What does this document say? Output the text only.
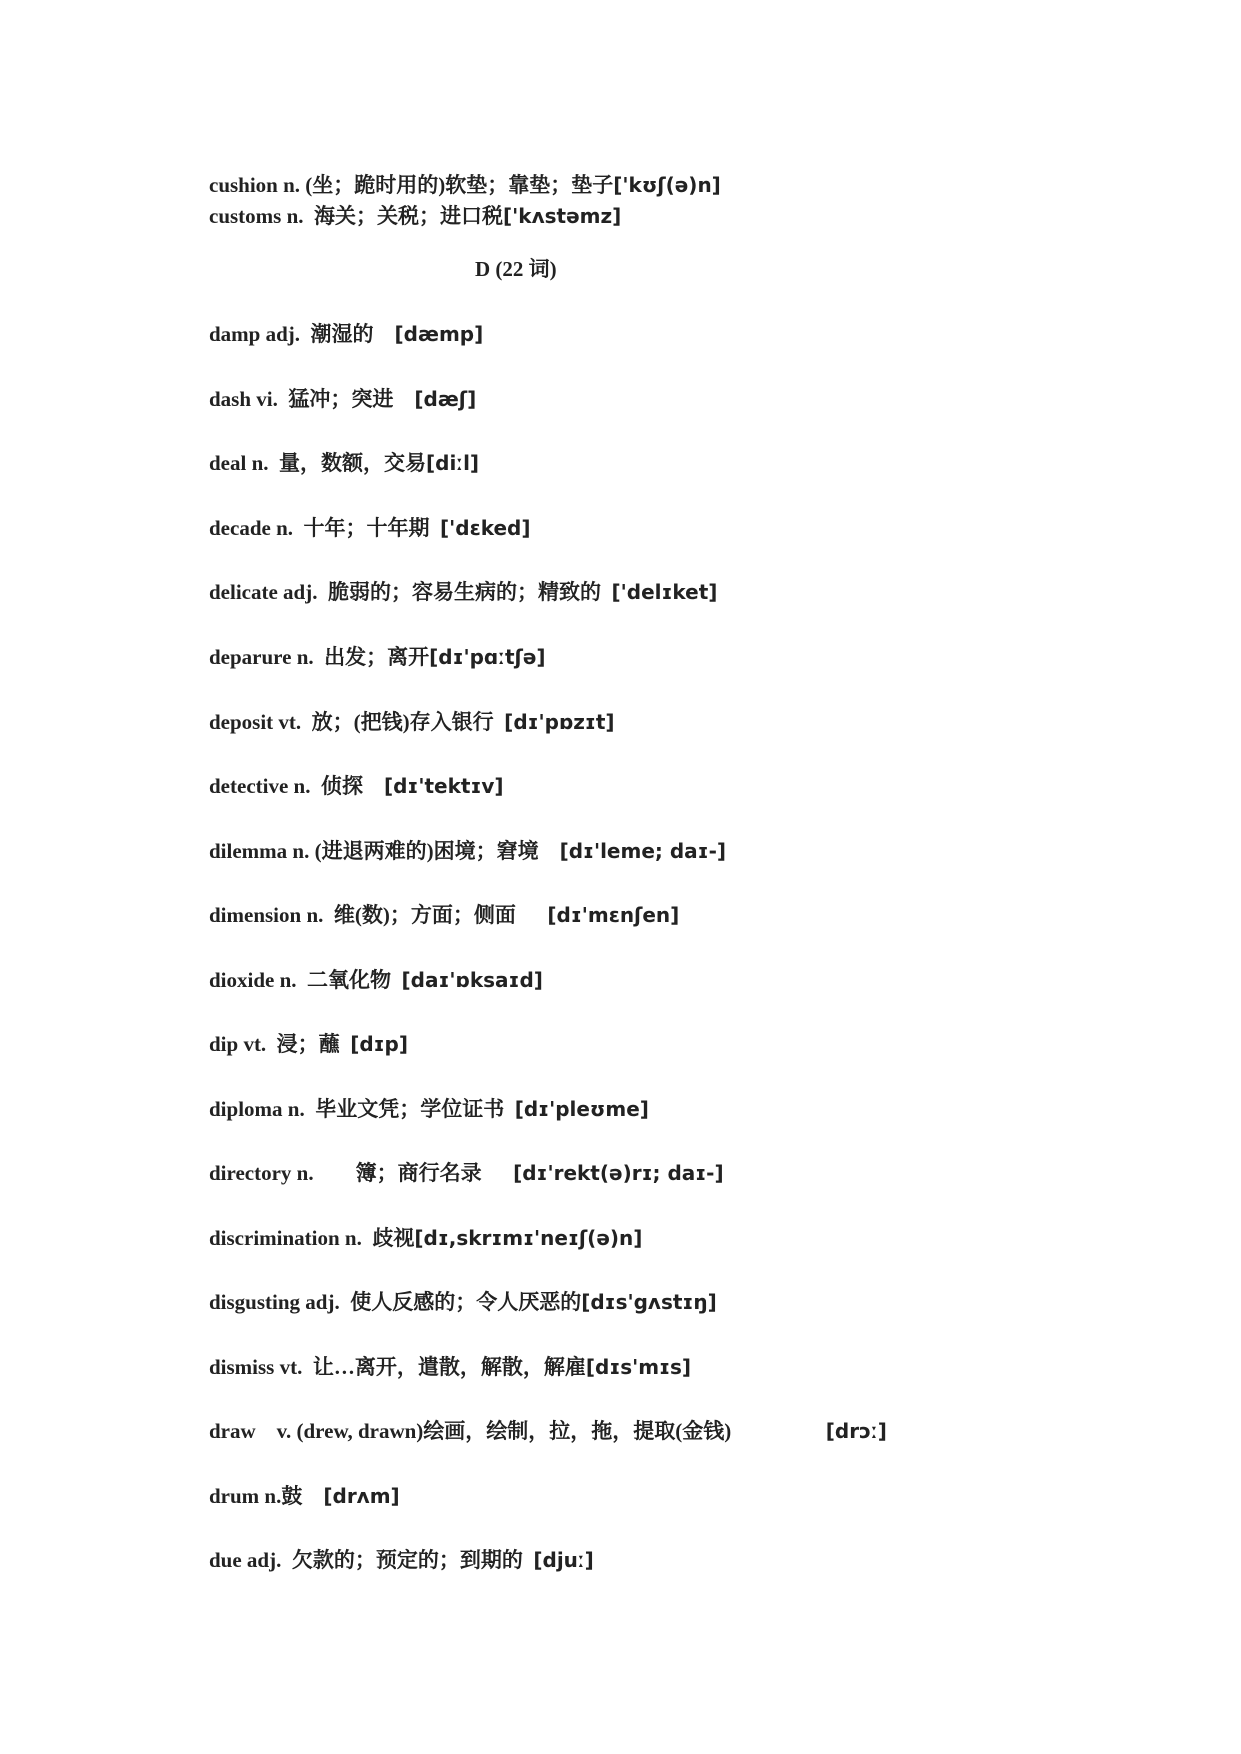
cushion n. (坐；跪时用的)软垫；靠垫；垫子['kʊʃ(ə)n]

customs n.  海关；关税；进口税['kʌstəmz]

D (22 词)

damp adj.  潮湿的    [dæmp]

dash vi.  猛冲；突进    [dæʃ]

deal n.  量，数额，交易[diːl]

decade n.  十年；十年期  ['dɛked]

delicate adj.  脆弱的；容易生病的；精致的  ['delɪket]

deparure n.  出发；离开[dɪ'pɑːtʃə]

deposit vt.  放；(把钱)存入银行  [dɪ'pɒzɪt]

detective n.  侦探    [dɪ'tektɪv]

dilemma n. (进退两难的)困境；窘境    [dɪ'leme; daɪ-]

dimension n.  维(数)；方面；侧面      [dɪ'mɛnʃen]

dioxide n.  二氧化物  [daɪ'ɒksaɪd]

dip vt.  浸；蘸  [dɪp]

diploma n.  毕业文凭；学位证书  [dɪ'pleʊme]

directory n.        簿；商行名录      [dɪ'rekt(ə)rɪ; daɪ-]

discrimination n.  歧视[dɪ,skrɪmɪ'neɪʃ(ə)n]

disgusting adj.  使人反感的；令人厌恶的[dɪs'gʌstɪŋ]

dismiss vt.  让…离开，遣散，解散，解雇[dɪs'mɪs]

draw    v. (drew, drawn)绘画，绘制，拉，拖，提取(金钱)                  [drɔː]

drum n.鼓    [drʌm]

due adj.  欠款的；预定的；到期的  [djuː]
